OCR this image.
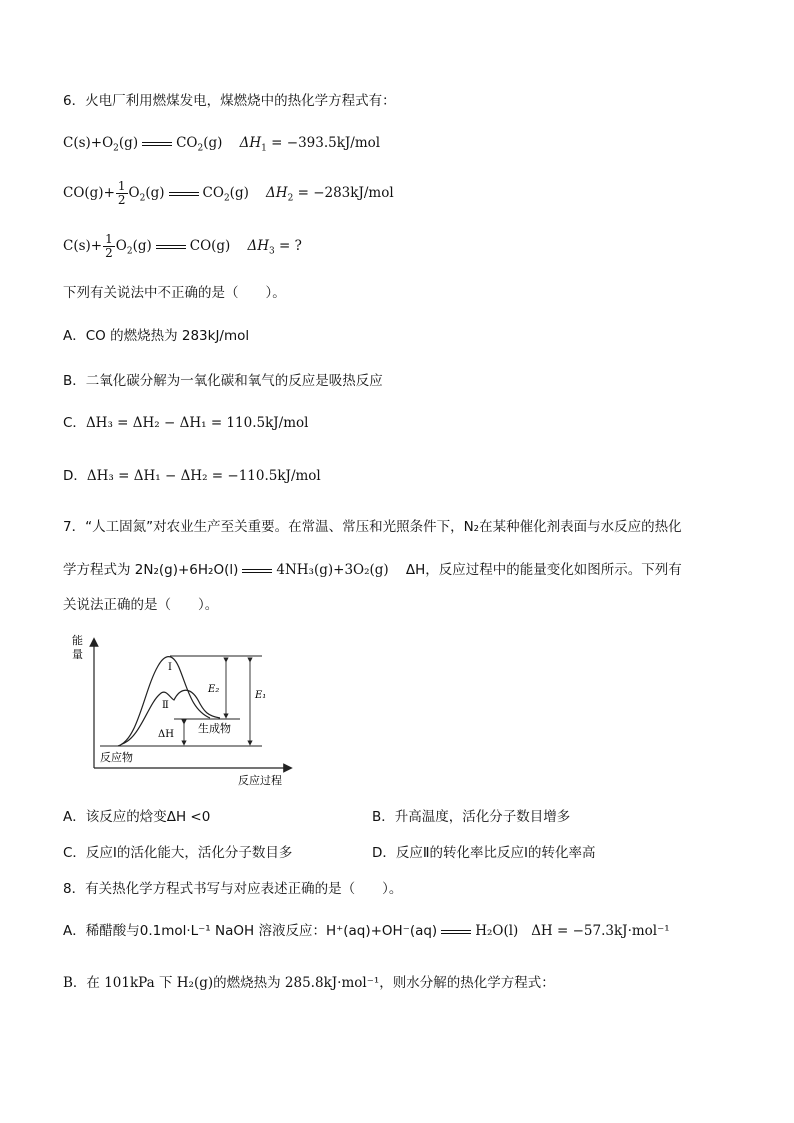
6．火电厂利用燃煤发电，煤燃烧中的热化学方程式有：
$C(s)+O_2(g)$	$CO_2(g) \Delta H_1 = -393.5kJ/mol$
$CO(g)+ \frac{1}{2} O_2(g)$	$CO_2(g) \Delta H_2 = -283kJ/mol$
$C(s)+ \frac{1}{2} O_2(g)$	CO(g) $\Delta H_3$ = ?
下列有关说法中不正确的是（　　）。
A．CO 的燃烧热为 283kJ/mol
B．二氧化碳分解为一氧化碳和氧气的反应是吸热反应
C．ΔH₃ = ΔH₂ − ΔH₁ = 110.5kJ/mol
D．ΔH₃ = ΔH₁ − ΔH₂ = −110.5kJ/mol
7．“人工固氮”对农业生产至关重要。在常温、常压和光照条件下，N₂在某种催化剂表面与水反应的热化
学方程式为 2N₂(g)+6H₂O(l)	4NH₃(g)+3O₂(g) ΔH，反应过程中的能量变化如图所示。下列有
关说法正确的是（　　）。
能
量
反应过程
反应物
生成物
Ⅰ
Ⅱ
E₂
E₁
ΔH
A．该反应的焓变ΔH <0	B．升高温度，活化分子数目增多
C．反应Ⅰ的活化能大，活化分子数目多	D．反应Ⅱ的转化率比反应Ⅰ的转化率高
8．有关热化学方程式书写与对应表述正确的是（　　）。
A．稀醋酸与0.1mol·L⁻¹ NaOH 溶液反应：H⁺(aq)+OH⁻(aq)	H₂O(l) ΔH = −57.3kJ·mol⁻¹
B．在 101kPa 下 H₂(g)的燃烧热为 285.8kJ·mol⁻¹，则水分解的热化学方程式：
